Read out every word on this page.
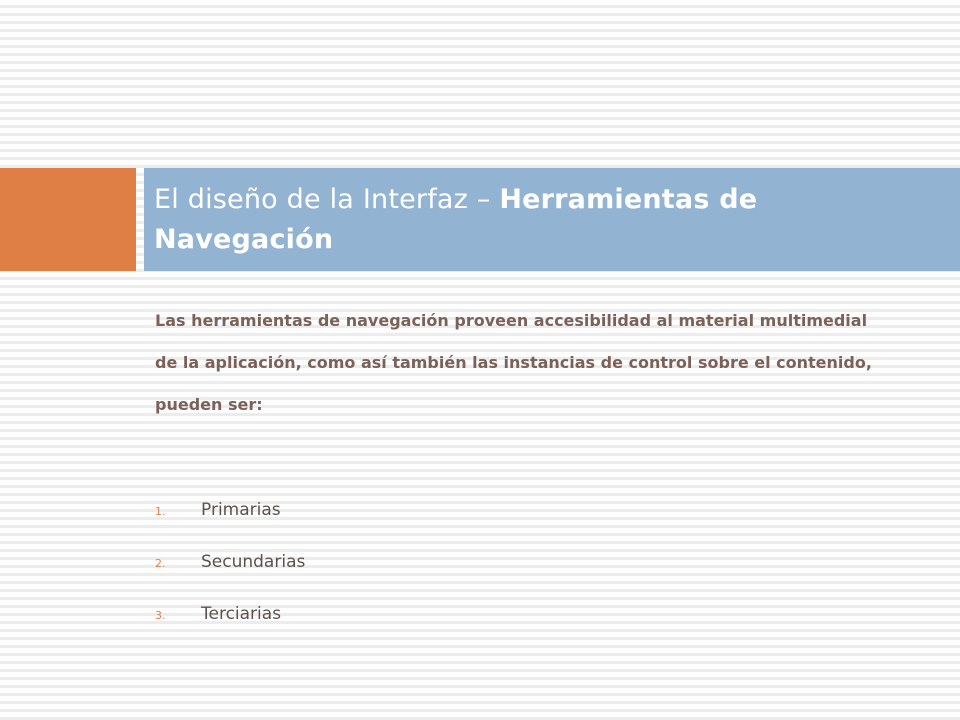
El diseño de la Interfaz – Herramientas de Navegación

Las herramientas de navegación proveen accesibilidad al material multimedial de la aplicación, como así también las instancias de control sobre el contenido, pueden ser:

1. Primarias
2. Secundarias
3. Terciarias
